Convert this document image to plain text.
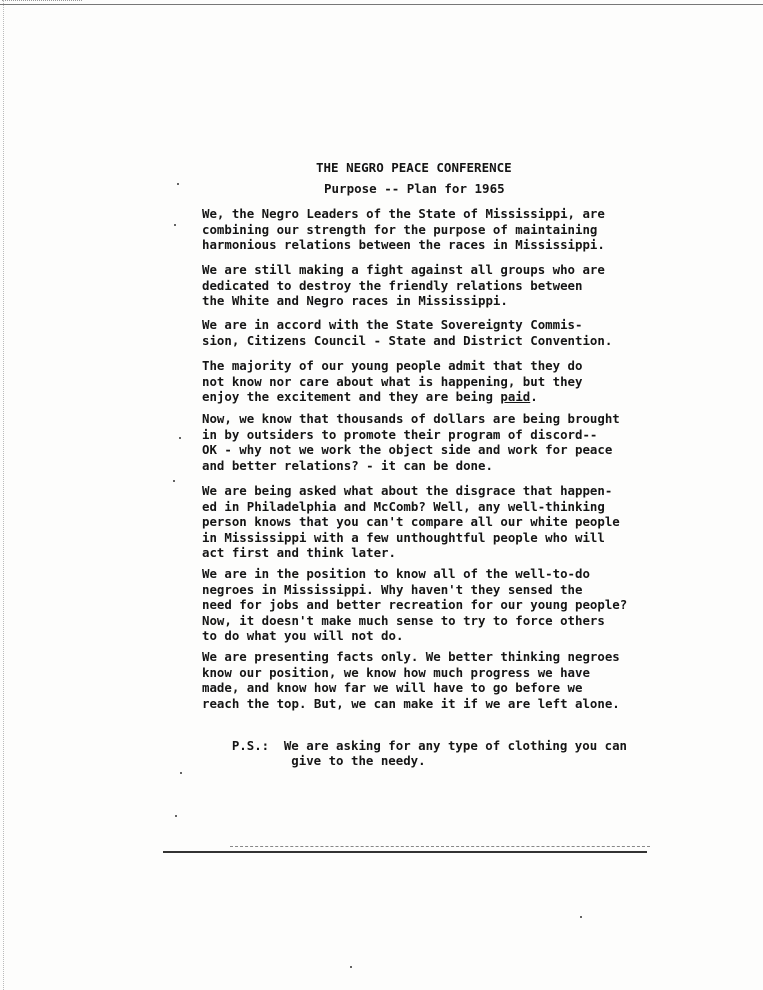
THE NEGRO PEACE CONFERENCE
Purpose -- Plan for 1965
We, the Negro Leaders of the State of Mississippi, are
combining our strength for the purpose of maintaining
harmonious relations between the races in Mississippi.
We are still making a fight against all groups who are
dedicated to destroy the friendly relations between
the White and Negro races in Mississippi.
We are in accord with the State Sovereignty Commis-
sion, Citizens Council - State and District Convention.
The majority of our young people admit that they do
not know nor care about what is happening, but they
enjoy the excitement and they are being paid.
Now, we know that thousands of dollars are being brought
in by outsiders to promote their program of discord--
OK - why not we work the object side and work for peace
and better relations? - it can be done.
We are being asked what about the disgrace that happen-
ed in Philadelphia and McComb? Well, any well-thinking
person knows that you can't compare all our white people
in Mississippi with a few unthoughtful people who will
act first and think later.
We are in the position to know all of the well-to-do
negroes in Mississippi. Why haven't they sensed the
need for jobs and better recreation for our young people?
Now, it doesn't make much sense to try to force others
to do what you will not do.
We are presenting facts only. We better thinking negroes
know our position, we know how much progress we have
made, and know how far we will have to go before we
reach the top. But, we can make it if we are left alone.

P.S.: We are asking for any type of clothing you can
give to the needy.
